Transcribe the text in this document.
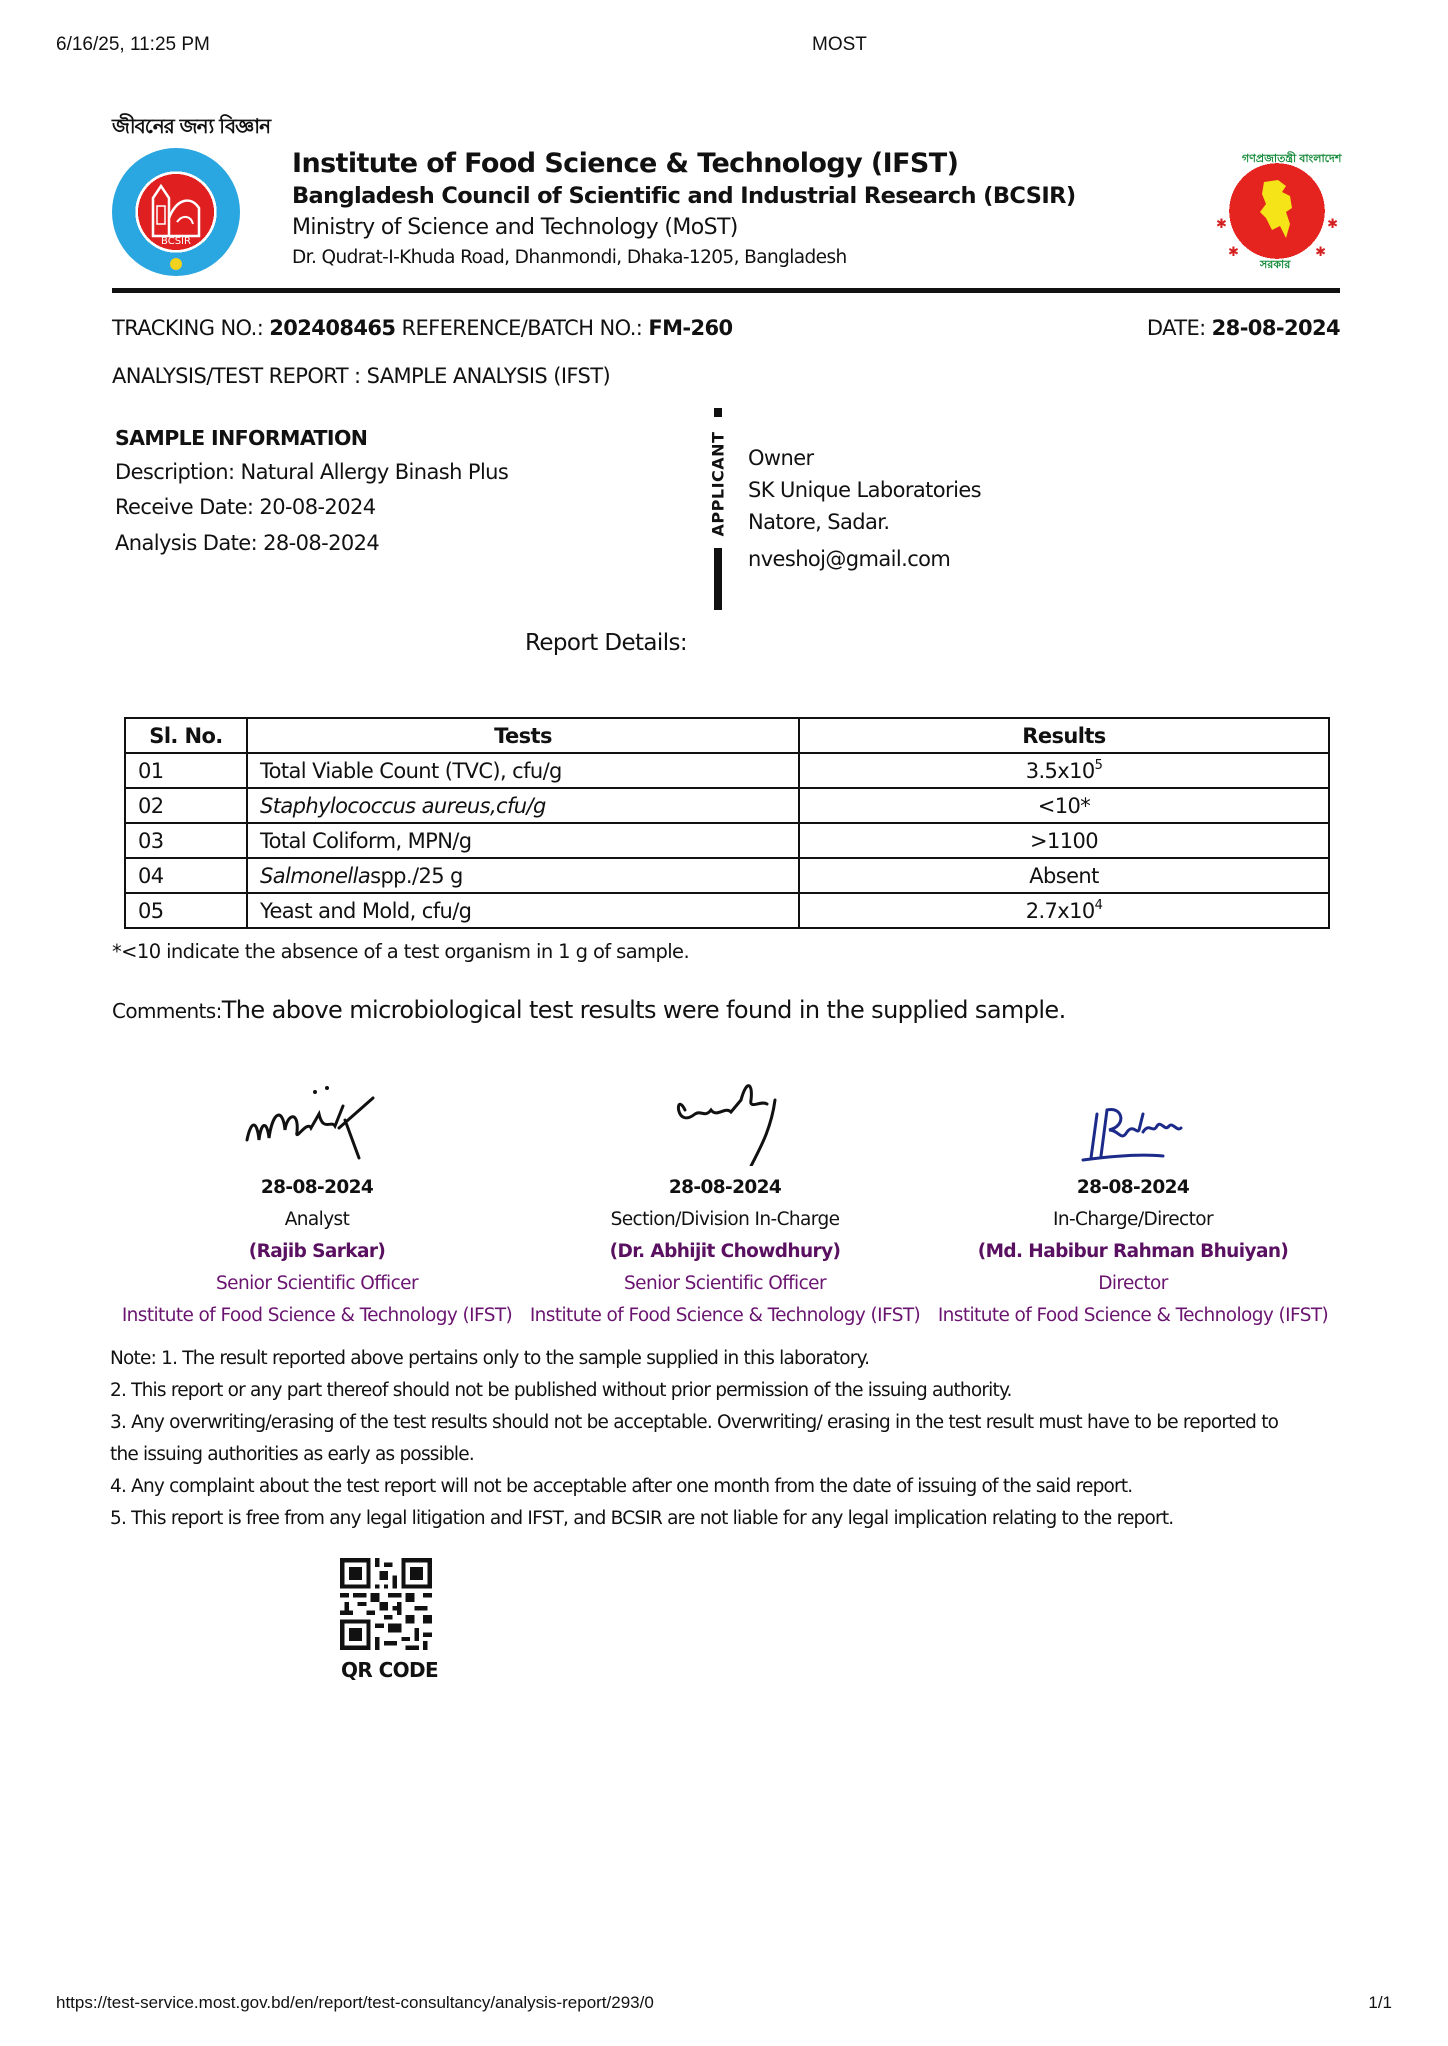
6/16/25, 11:25 PM	MOST
জীবনের জন্য বিজ্ঞান
BCSIR
গণপ্রজাতন্ত্রী বাংলাদেশ
সরকার
✱	✱
✱	✱
Institute of Food Science & Technology (IFST)
Bangladesh Council of Scientific and Industrial Research (BCSIR)
Ministry of Science and Technology (MoST)
Dr. Qudrat-I-Khuda Road, Dhanmondi, Dhaka-1205, Bangladesh
TRACKING NO.: 202408465 REFERENCE/BATCH NO.: FM-260	DATE: 28-08-2024
ANALYSIS/TEST REPORT : SAMPLE ANALYSIS (IFST)
SAMPLE INFORMATION
Description: Natural Allergy Binash Plus
Receive Date: 20-08-2024
Analysis Date: 28-08-2024
APPLICANT Owner
SK Unique Laboratories
Natore, Sadar.
nveshoj@gmail.com
Report Details:
Sl. No.	Tests	Results
01	Total Viable Count (TVC), cfu/g	$3.5x10^5$
02	Staphylococcus aureus,cfu/g	<10*
03	Total Coliform, MPN/g	>1100
04	Salmonellaspp./25 g	Absent
05	Yeast and Mold, cfu/g	$2.7x10^4$
*<10 indicate the absence of a test organism in 1 g of sample.
Comments:The above microbiological test results were found in the supplied sample.
28-08-2024
Analyst
(Rajib Sarkar)
Senior Scientific Officer
Institute of Food Science & Technology (IFST)
28-08-2024
Section/Division In-Charge
(Dr. Abhijit Chowdhury)
Senior Scientific Officer
Institute of Food Science & Technology (IFST)
28-08-2024
In-Charge/Director
(Md. Habibur Rahman Bhuiyan)
Director
Institute of Food Science & Technology (IFST)
Note: 1. The result reported above pertains only to the sample supplied in this laboratory.
2. This report or any part thereof should not be published without prior permission of the issuing authority.
3. Any overwriting/erasing of the test results should not be acceptable. Overwriting/ erasing in the test result must have to be reported to
the issuing authorities as early as possible.
4. Any complaint about the test report will not be acceptable after one month from the date of issuing of the said report.
5. This report is free from any legal litigation and IFST, and BCSIR are not liable for any legal implication relating to the report.
QR CODE
https://test-service.most.gov.bd/en/report/test-consultancy/analysis-report/293/0	1/1
